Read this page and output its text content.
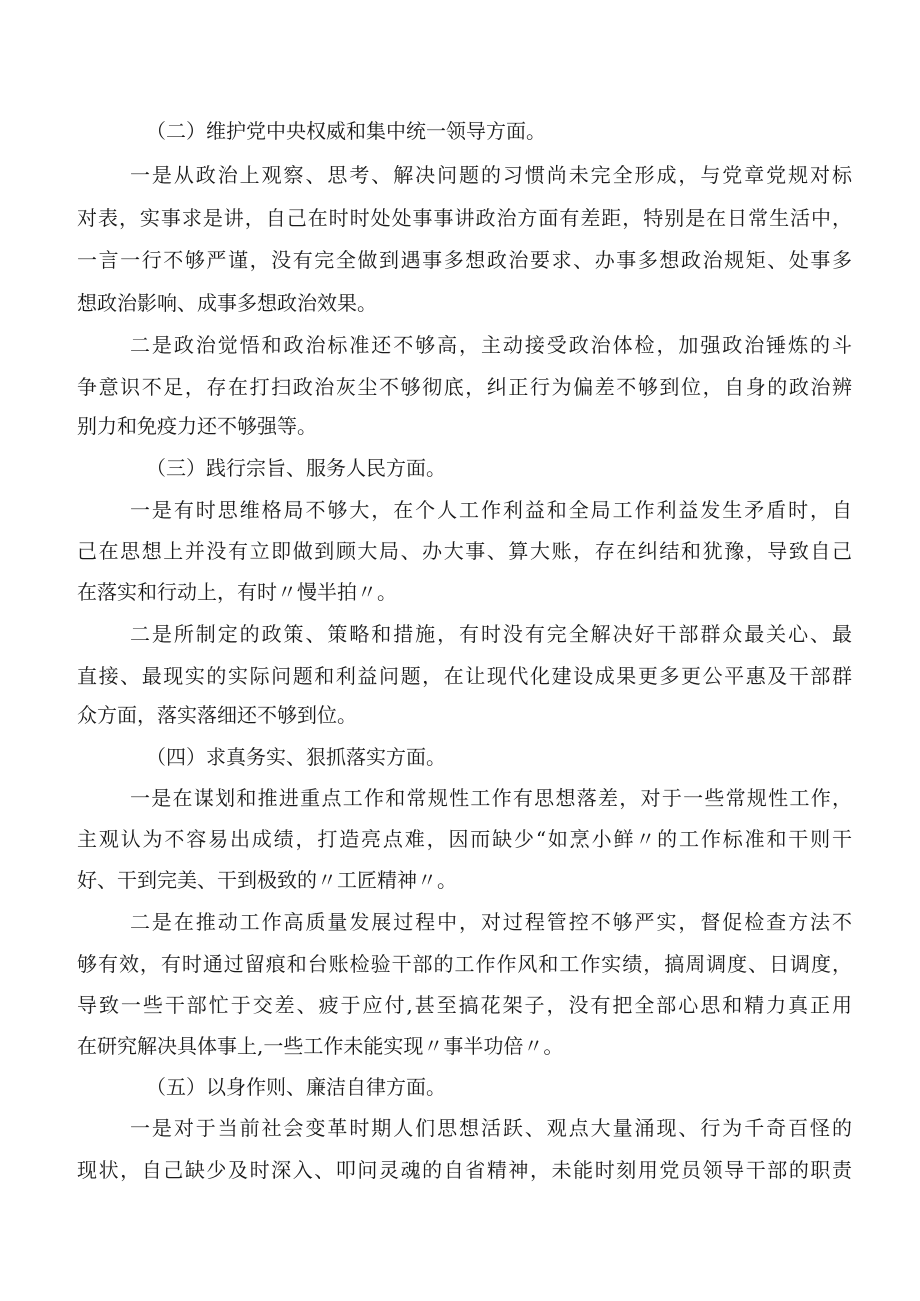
（二）维护党中央权威和集中统一领导方面。
一是从政治上观察、思考、解决问题的习惯尚未完全形成，与党章党规对标
对表，实事求是讲，自己在时时处处事事讲政治方面有差距，特别是在日常生活中，
一言一行不够严谨，没有完全做到遇事多想政治要求、办事多想政治规矩、处事多
想政治影响、成事多想政治效果。
二是政治觉悟和政治标准还不够高，主动接受政治体检，加强政治锤炼的斗
争意识不足，存在打扫政治灰尘不够彻底，纠正行为偏差不够到位，自身的政治辨
别力和免疫力还不够强等。
（三）践行宗旨、服务人民方面。
一是有时思维格局不够大，在个人工作利益和全局工作利益发生矛盾时，自
己在思想上并没有立即做到顾大局、办大事、算大账，存在纠结和犹豫，导致自己
在落实和行动上，有时〃慢半拍〃。
二是所制定的政策、策略和措施，有时没有完全解决好干部群众最关心、最
直接、最现实的实际问题和利益问题，在让现代化建设成果更多更公平惠及干部群
众方面，落实落细还不够到位。
（四）求真务实、狠抓落实方面。
一是在谋划和推进重点工作和常规性工作有思想落差，对于一些常规性工作，
主观认为不容易出成绩，打造亮点难，因而缺少“如烹小鲜〃的工作标准和干则干
好、干到完美、干到极致的〃工匠精神〃。
二是在推动工作高质量发展过程中，对过程管控不够严实，督促检查方法不
够有效，有时通过留痕和台账检验干部的工作作风和工作实绩，搞周调度、日调度，
导致一些干部忙于交差、疲于应付,甚至搞花架子，没有把全部心思和精力真正用
在研究解决具体事上,一些工作未能实现〃事半功倍〃。
（五）以身作则、廉洁自律方面。
一是对于当前社会变革时期人们思想活跃、观点大量涌现、行为千奇百怪的
现状，自己缺少及时深入、叩问灵魂的自省精神，未能时刻用党员领导干部的职责
